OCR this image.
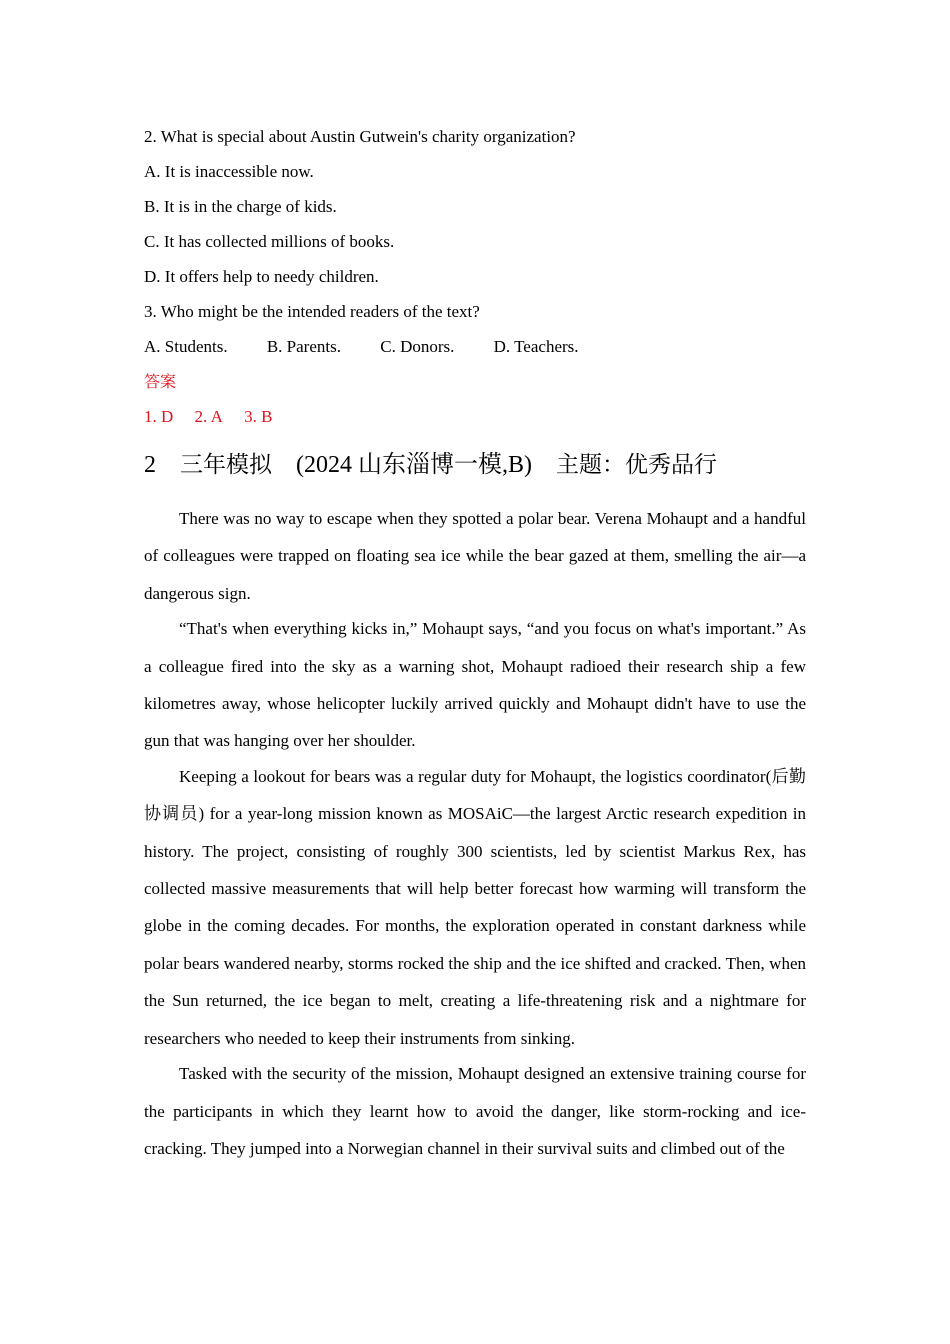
2. What is special about Austin Gutwein's charity organization?
A. It is inaccessible now.
B. It is in the charge of kids.
C. It has collected millions of books.
D. It offers help to needy children.
3. Who might be the intended readers of the text?
A. Students. B. Parents. C. Donors. D. Teachers.
答案
1. D 2. A 3. B
2 三年模拟 (2024 山东淄博一模,B) 主题：优秀品行

There was no way to escape when they spotted a polar bear. Verena Mohaupt and a handful of colleagues were trapped on floating sea ice while the bear gazed at them, smelling the air—a dangerous sign.

“That's when everything kicks in,” Mohaupt says, “and you focus on what's important.” As a colleague fired into the sky as a warning shot, Mohaupt radioed their research ship a few kilometres away, whose helicopter luckily arrived quickly and Mohaupt didn't have to use the gun that was hanging over her shoulder.

Keeping a lookout for bears was a regular duty for Mohaupt, the logistics coordinator(后勤协调员) for a year-long mission known as MOSAiC—the largest Arctic research expedition in history. The project, consisting of roughly 300 scientists, led by scientist Markus Rex, has collected massive measurements that will help better forecast how warming will transform the globe in the coming decades. For months, the exploration operated in constant darkness while polar bears wandered nearby, storms rocked the ship and the ice shifted and cracked. Then, when the Sun returned, the ice began to melt, creating a life-threatening risk and a nightmare for researchers who needed to keep their instruments from sinking.

Tasked with the security of the mission, Mohaupt designed an extensive training course for the participants in which they learnt how to avoid the danger, like storm-rocking and ice-cracking. They jumped into a Norwegian channel in their survival suits and climbed out of the
